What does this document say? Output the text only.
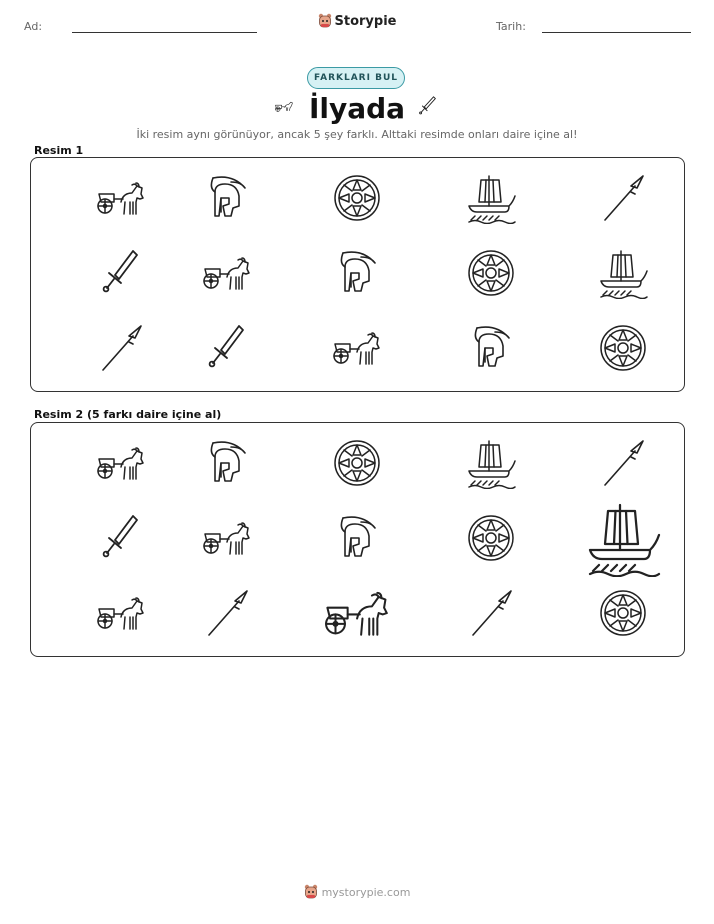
Ad:	Storypie	Tarih:
FARKLARI BUL
İlyada
İki resim aynı görünüyor, ancak 5 şey farklı. Alttaki resimde onları daire içine al!
Resim 1
Resim 2 (5 farkı daire içine al)
mystorypie.com
